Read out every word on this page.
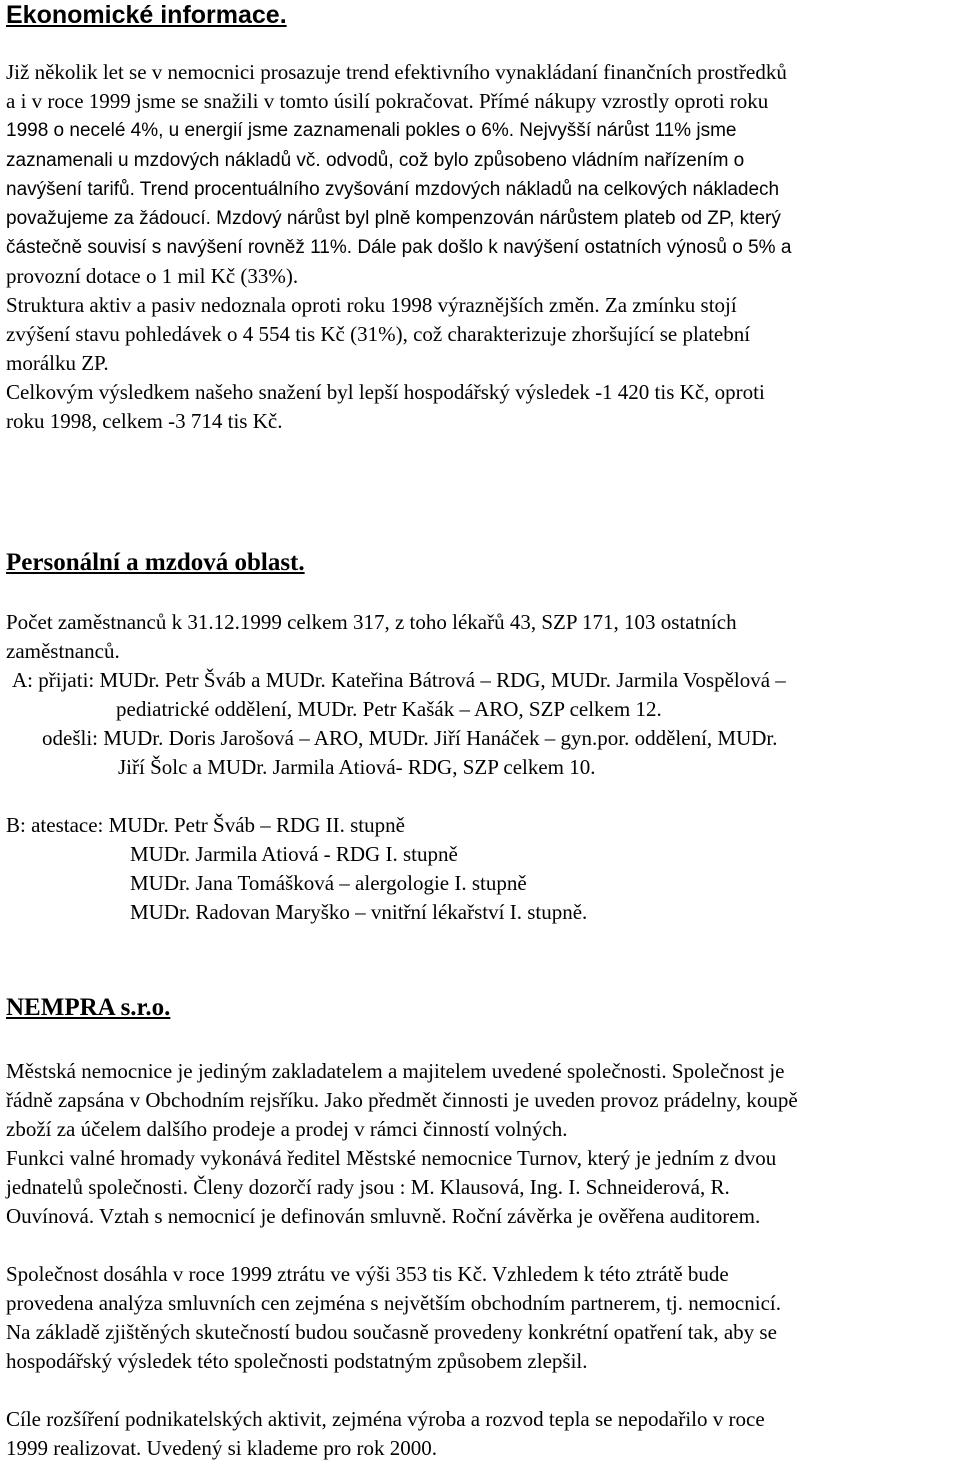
Ekonomické informace.
Již několik let se v nemocnici prosazuje trend efektivního vynakládaní finančních prostředků
a i v roce 1999 jsme se snažili v tomto úsilí pokračovat. Přímé nákupy vzrostly oproti roku
1998 o necelé 4%, u energií jsme zaznamenali pokles o 6%. Nejvyšší nárůst 11% jsme
zaznamenali u mzdových nákladů vč. odvodů, což bylo způsobeno vládním nařízením o
navýšení tarifů. Trend procentuálního zvyšování mzdových nákladů na celkových nákladech
považujeme za žádoucí. Mzdový nárůst byl plně kompenzován nárůstem plateb od ZP, který
částečně souvisí s navýšení rovněž 11%. Dále pak došlo k navýšení ostatních výnosů o 5% a
provozní dotace o 1 mil Kč (33%).
Struktura aktiv a pasiv nedoznala oproti roku 1998 výraznějších změn. Za zmínku stojí
zvýšení stavu pohledávek o 4 554 tis Kč (31%), což charakterizuje zhoršující se platební
morálku ZP.
Celkovým výsledkem našeho snažení byl lepší hospodářský výsledek -1 420 tis Kč, oproti
roku 1998, celkem -3 714 tis Kč.
Personální a mzdová oblast.
Počet zaměstnanců k 31.12.1999 celkem 317, z toho lékařů 43, SZP 171, 103 ostatních
zaměstnanců.
A: přijati: MUDr. Petr Šváb a MUDr. Kateřina Bátrová – RDG, MUDr. Jarmila Vospělová –
pediatrické oddělení, MUDr. Petr Kašák – ARO, SZP celkem 12.
odešli: MUDr. Doris Jarošová – ARO, MUDr. Jiří Hanáček – gyn.por. oddělení, MUDr.
Jiří Šolc a MUDr. Jarmila Atiová- RDG, SZP celkem 10.
B: atestace: MUDr. Petr Šváb – RDG II. stupně
MUDr. Jarmila Atiová - RDG I. stupně
MUDr. Jana Tomášková – alergologie I. stupně
MUDr. Radovan Maryško – vnitřní lékařství I. stupně.
NEMPRA s.r.o.
Městská nemocnice je jediným zakladatelem a majitelem uvedené společnosti. Společnost je
řádně zapsána v Obchodním rejsříku. Jako předmět činnosti je uveden provoz prádelny, koupě
zboží za účelem dalšího prodeje a prodej v rámci činností volných.
Funkci valné hromady vykonává ředitel Městské nemocnice Turnov, který je jedním z dvou
jednatelů společnosti. Členy dozorčí rady jsou : M. Klausová, Ing. I. Schneiderová, R.
Ouvínová. Vztah s nemocnicí je definován smluvně. Roční závěrka je ověřena auditorem.
Společnost dosáhla v roce 1999 ztrátu ve výši 353 tis Kč. Vzhledem k této ztrátě bude
provedena analýza smluvních cen zejména s největším obchodním partnerem, tj. nemocnicí.
Na základě zjištěných skutečností budou současně provedeny konkrétní opatření tak, aby se
hospodářský výsledek této společnosti podstatným způsobem zlepšil.
Cíle rozšíření podnikatelských aktivit, zejména výroba a rozvod tepla se nepodařilo v roce
1999 realizovat. Uvedený si klademe pro rok 2000.
